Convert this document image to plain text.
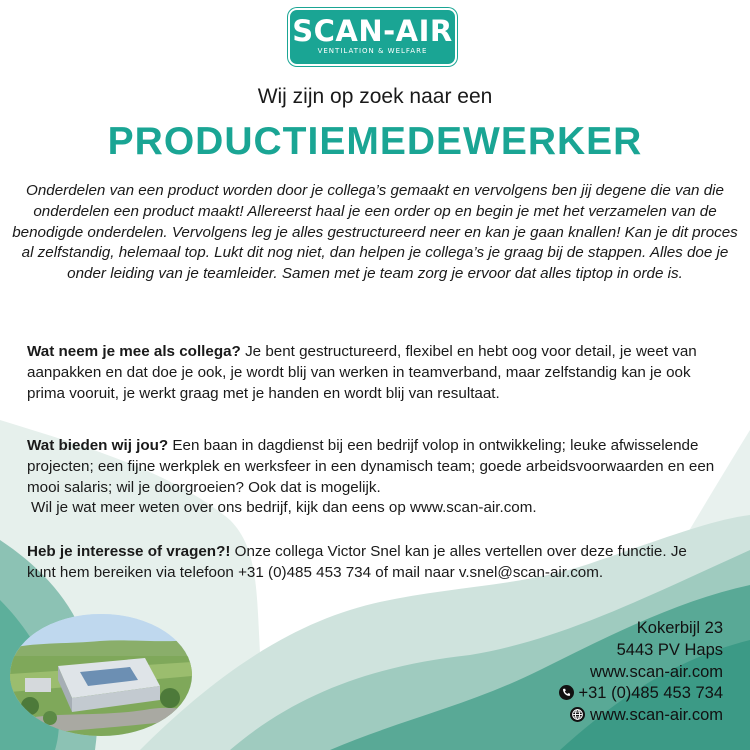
SCAN-AIR
VENTILATION & WELFARE
Wij zijn op zoek naar een
PRODUCTIEMEDEWERKER
Onderdelen van een product worden door je collega’s gemaakt en vervolgens ben jij degene die van die onderdelen een product maakt! Allereerst haal je een order op en begin je met het verzamelen van de benodigde onderdelen. Vervolgens leg je alles gestructureerd neer en kan je gaan knallen! Kan je dit proces al zelfstandig, helemaal top. Lukt dit nog niet, dan helpen je collega’s je graag bij de stappen. Alles doe je onder leiding van je teamleider. Samen met je team zorg je ervoor dat alles tiptop in orde is.
Wat neem je mee als collega? Je bent gestructureerd, flexibel en hebt oog voor detail, je weet van aanpakken en dat doe je ook, je wordt blij van werken in teamverband, maar zelfstandig kan je ook prima vooruit, je werkt graag met je handen en wordt blij van resultaat.
Wat bieden wij jou? Een baan in dagdienst bij een bedrijf volop in ontwikkeling; leuke afwisselende projecten; een fijne werkplek en werksfeer in een dynamisch team; goede arbeidsvoorwaarden en een mooi salaris; wil je doorgroeien? Ook dat is mogelijk.
Wil je wat meer weten over ons bedrijf, kijk dan eens op www.scan-air.com.
Heb je interesse of vragen?! Onze collega Victor Snel kan je alles vertellen over deze functie. Je kunt hem bereiken via telefoon +31 (0)485 453 734 of mail naar v.snel@scan-air.com.
Kokerbijl 23
5443 PV Haps
www.scan-air.com
+31 (0)485 453 734
www.scan-air.com
